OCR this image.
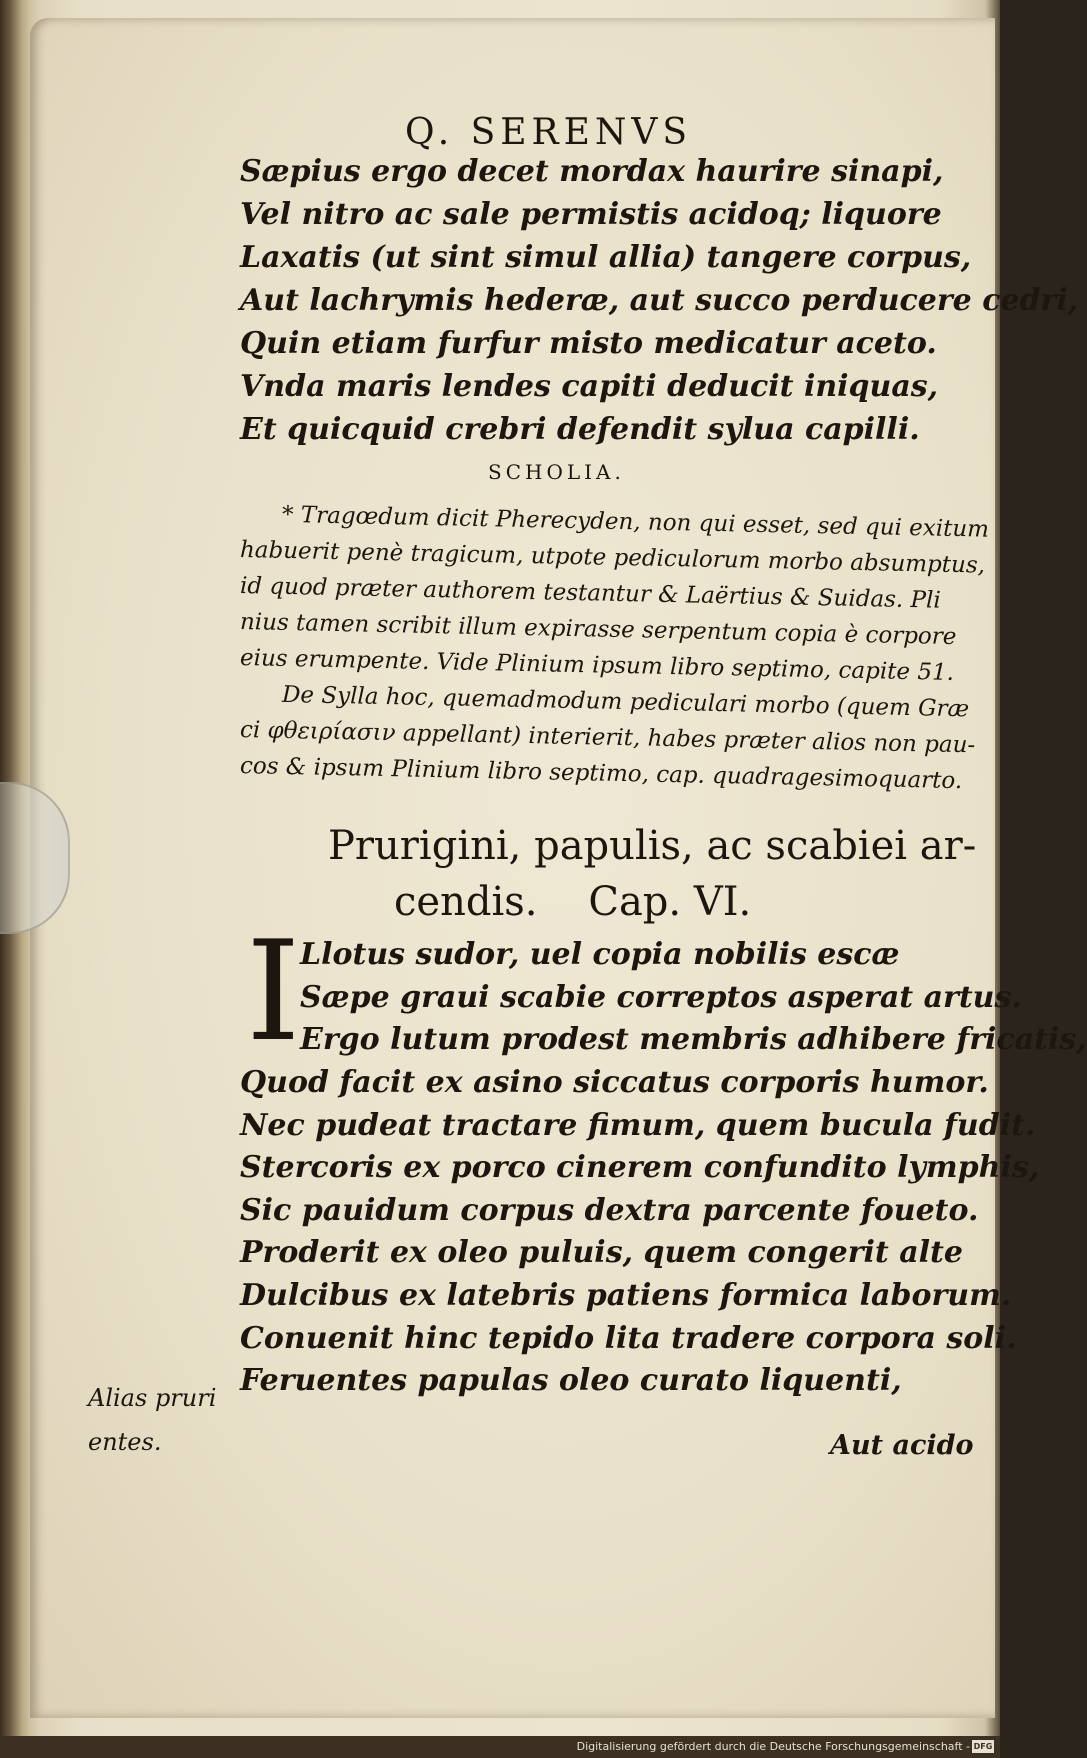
Q. SERENVS
Sæpius ergo decet mordax haurire sinapi,
Vel nitro ac sale permistis acidoq; liquore
Laxatis (ut sint simul allia) tangere corpus,
Aut lachrymis hederæ, aut succo perducere cedri,
Quin etiam furfur misto medicatur aceto.
Vnda maris lendes capiti deducit iniquas,
Et quicquid crebri defendit sylua capilli.
SCHOLIA.
* Tragœdum dicit Pherecyden, non qui esset, sed qui exitum
habuerit penè tragicum, utpote pediculorum morbo absumptus,
id quod præter authorem testantur & Laërtius & Suidas. Pli
nius tamen scribit illum expirasse serpentum copia è corpore
eius erumpente. Vide Plinium ipsum libro septimo, capite 51.
De Sylla hoc, quemadmodum pediculari morbo (quem Græ
ci φθειρίασιν appellant) interierit, habes præter alios non pau-
cos & ipsum Plinium libro septimo, cap. quadragesimoquarto.
Prurigini, papulis, ac scabiei ar-
cendis.    Cap. VI.
I Llotus sudor, uel copia nobilis escæ
Sæpe graui scabie correptos asperat artus.
Ergo lutum prodest membris adhibere fricatis,
Quod facit ex asino siccatus corporis humor.
Nec pudeat tractare fimum, quem bucula fudit.
Stercoris ex porco cinerem confundito lymphis,
Sic pauidum corpus dextra parcente foueto.
Proderit ex oleo puluis, quem congerit alte
Dulcibus ex latebris patiens formica laborum.
Conuenit hinc tepido lita tradere corpora soli.
Feruentes papulas oleo curato liquenti,
Alias pruri
entes.	Aut acido
Digitalisierung gefördert durch die Deutsche Forschungsgemeinschaft - DFG
